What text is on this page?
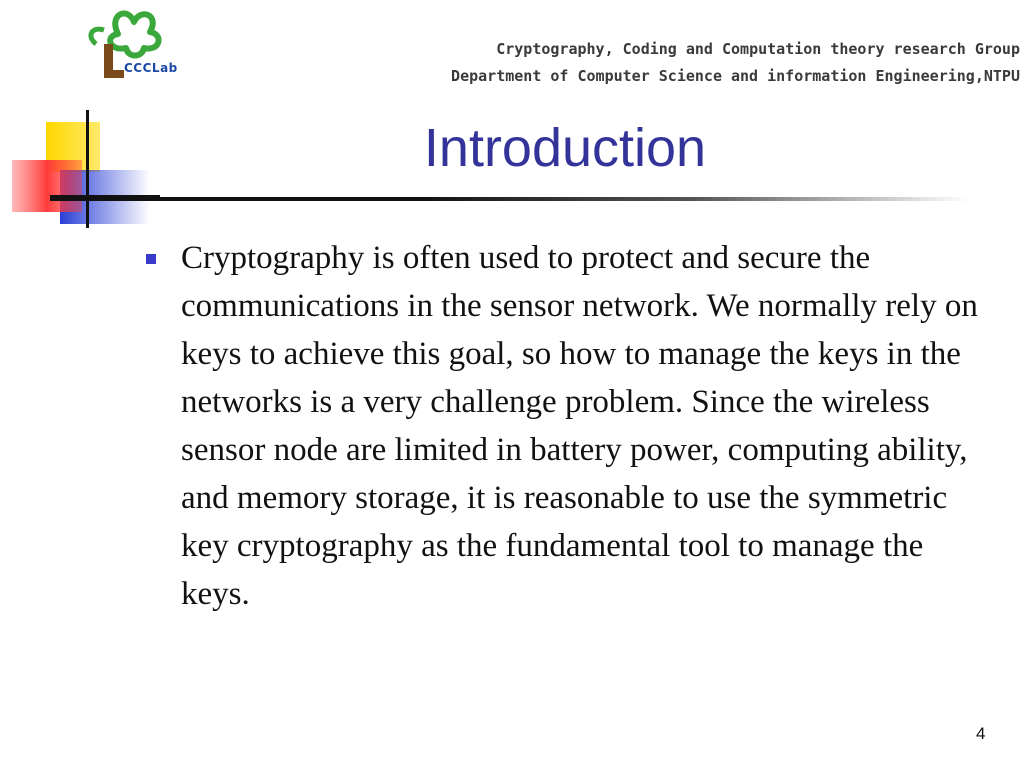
CCCLab
Cryptography, Coding and Computation theory research Group
Department of Computer Science and information Engineering,NTPU
Introduction
Cryptography is often used to protect and secure the communications in the sensor network. We normally rely on keys to achieve this goal, so how to manage the keys in the networks is a very challenge problem. Since the wireless sensor node are limited in battery power, computing ability, and memory storage, it is reasonable to use the symmetric key cryptography as the fundamental tool to manage the keys.
4
